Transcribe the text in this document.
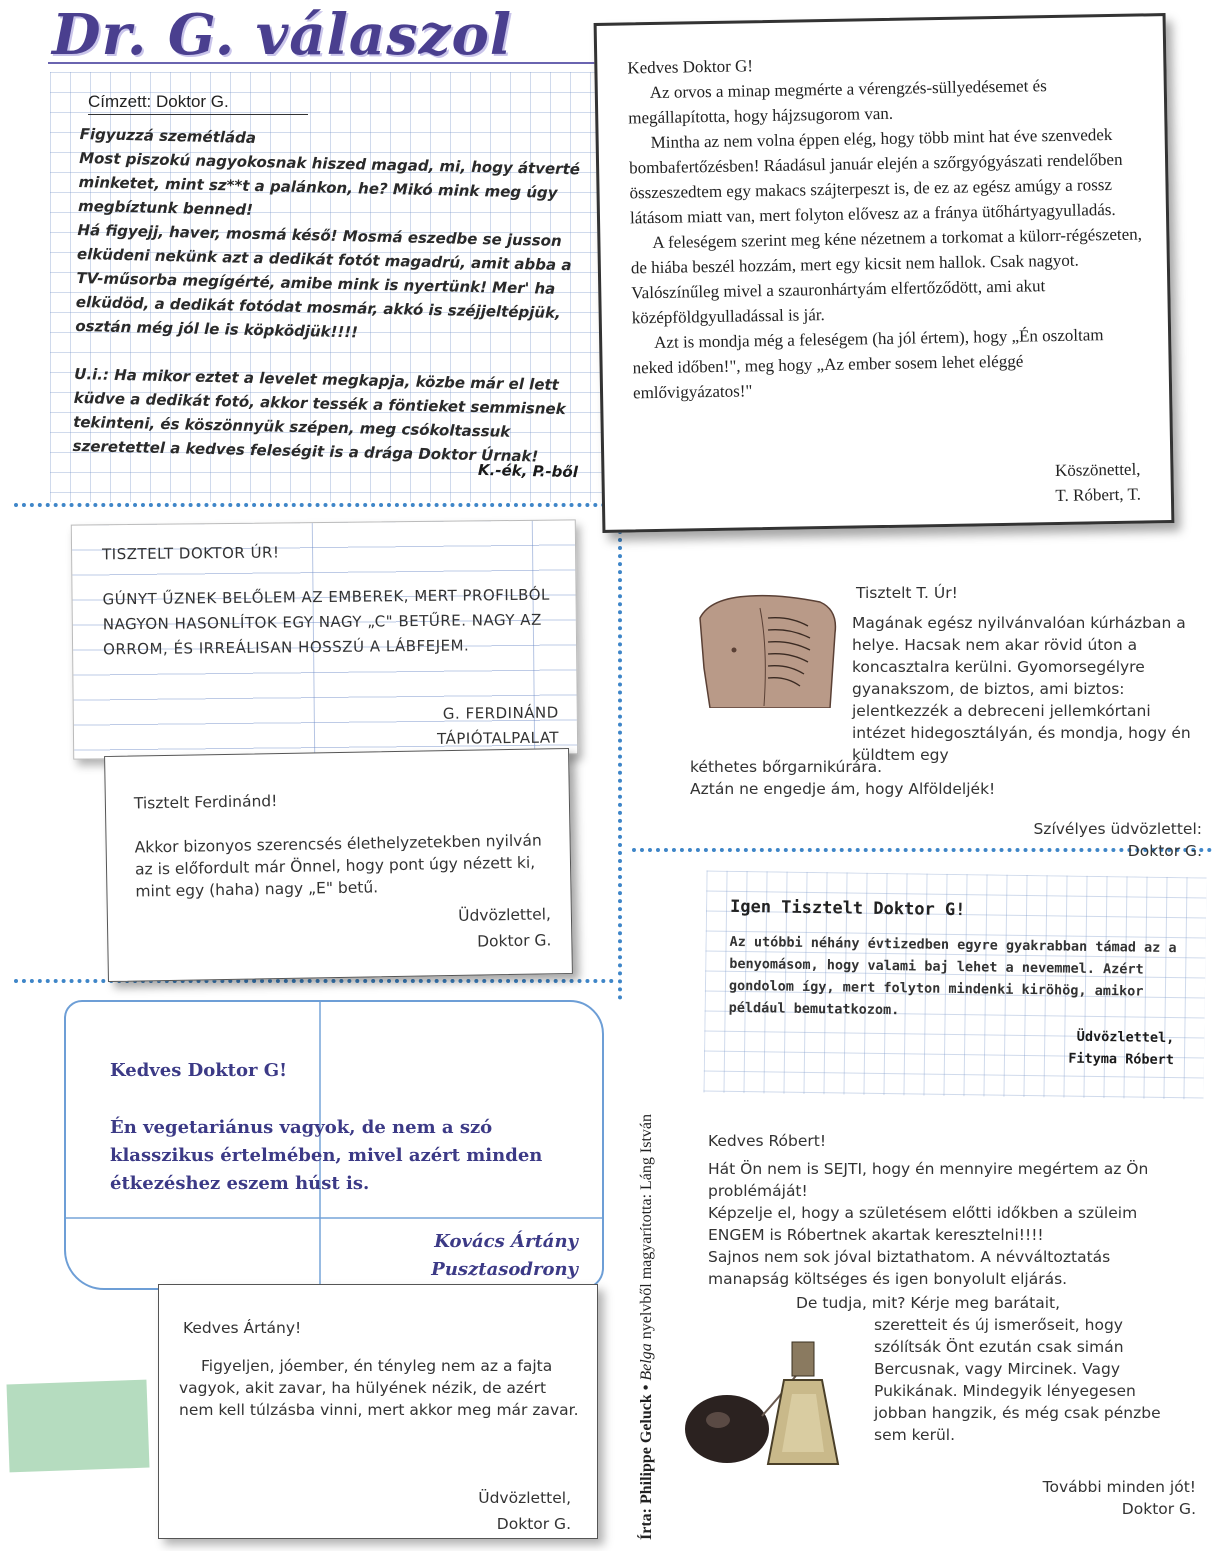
Dr. G. válaszol
Címzett: Doktor G.
Figyuzzá szemétláda
Most piszokú nagyokosnak hiszed magad, mi, hogy átverté minketet, mint sz**t a palánkon, he? Mikó mink meg úgy megbíztunk benned!
Há figyejj, haver, mosmá késő! Mosmá eszedbe se jusson elküdeni nekünk azt a dedikát fotót magadrú, amit abba a TV-műsorba megígérté, amibe mink is nyertünk! Mer' ha elküdöd, a dedikát fotódat mosmár, akkó is széjjeltépjük, osztán még jól le is köpködjük!!!!

U.i.: Ha mikor eztet a levelet megkapja, közbe már el lett küdve a dedikát fotó, akkor tessék a föntieket semmisnek tekinteni, és köszönnyük szépen, meg csókoltassuk szeretettel a kedves feleségit is a drága Doktor Úrnak!
K.-ék, P.-ből
Kedves Doktor G!

Az orvos a minap megmérte a vérengzés-süllyedésemet és megállapította, hogy hájzsugorom van.

Mintha az nem volna éppen elég, hogy több mint hat éve szenvedek bombafertőzésben! Ráadásul január elején a szőrgyógyászati rendelőben összeszedtem egy makacs szájterpeszt is, de ez az egész amúgy a rossz látásom miatt van, mert folyton elővesz az a fránya ütőhártyagyulladás.

A feleségem szerint meg kéne nézetnem a torkomat a külorr-régészeten, de hiába beszél hozzám, mert egy kicsit nem hallok. Csak nagyot. Valószínűleg mivel a szauronhártyám elfertőződött, ami akut középföldgyulladással is jár.

Azt is mondja még a feleségem (ha jól értem), hogy „Én oszoltam neked időben!", meg hogy „Az ember sosem lehet eléggé emlővigyázatos!"

Köszönettel,
T. Róbert, T.
TISZTELT DOKTOR ÚR!
GÚNYT ŰZNEK BELŐLEM AZ EMBEREK, MERT PROFILBÓL NAGYON HASONLÍTOK EGY NAGY „C" BETŰRE. NAGY AZ ORROM, ÉS IRREÁLISAN HOSSZÚ A LÁBFEJEM.
G. FERDINÁND
TÁPIÓTALPALAT
Tisztelt Ferdinánd!
Akkor bizonyos szerencsés élethelyzetekben nyilván az is előfordult már Önnel, hogy pont úgy nézett ki, mint egy (haha) nagy „E" betű.
Üdvözlettel,
Doktor G.
Kedves Doktor G!
Én vegetariánus vagyok, de nem a szó klasszikus értelmében, mivel azért minden étkezéshez eszem húst is.
Kovács Ártány
Pusztasodrony
Kedves Ártány!
Figyeljen, jóember, én tényleg nem az a fajta vagyok, akit zavar, ha hülyének nézik, de azért nem kell túlzásba vinni, mert akkor meg már zavar.
Üdvözlettel,
Doktor G.	Írta: Philippe Geluck • Belga nyelvből magyarította: Láng István
Tisztelt T. Úr!
Magának egész nyilvánvalóan kúrházban a helye. Hacsak nem akar rövid úton a koncasztalra kerülni. Gyomorsegélyre gyanakszom, de biztos, ami biztos: jelentkezzék a debreceni jellemkórtani intézet hidegosztályán, és mondja, hogy én küldtem egy
kéthetes bőrgarnikúrára.
Aztán ne engedje ám, hogy Alföldeljék!
Szívélyes üdvözlettel:
Doktor G.
Igen Tisztelt Doktor G!
Az utóbbi néhány évtizedben egyre gyakrabban támad az a benyomásom, hogy valami baj lehet a nevemmel. Azért gondolom így, mert folyton mindenki kiröhög, amikor például bemutatkozom.
Üdvözlettel,
Fityma Róbert
Kedves Róbert!
Hát Ön nem is SEJTI, hogy én mennyire megértem az Ön problémáját!
Képzelje el, hogy a születésem előtti időkben a szüleim ENGEM is Róbertnek akartak keresztelni!!!!
Sajnos nem sok jóval biztathatom. A névváltoztatás manapság költséges és igen bonyolult eljárás.
De tudja, mit? Kérje meg barátait,
szeretteit és új ismerőseit, hogy szólítsák Önt ezután csak simán Bercusnak, vagy Mircinek. Vagy Pukikának. Mindegyik lényegesen jobban hangzik, és még csak pénzbe sem kerül.
További minden jót!
Doktor G.
